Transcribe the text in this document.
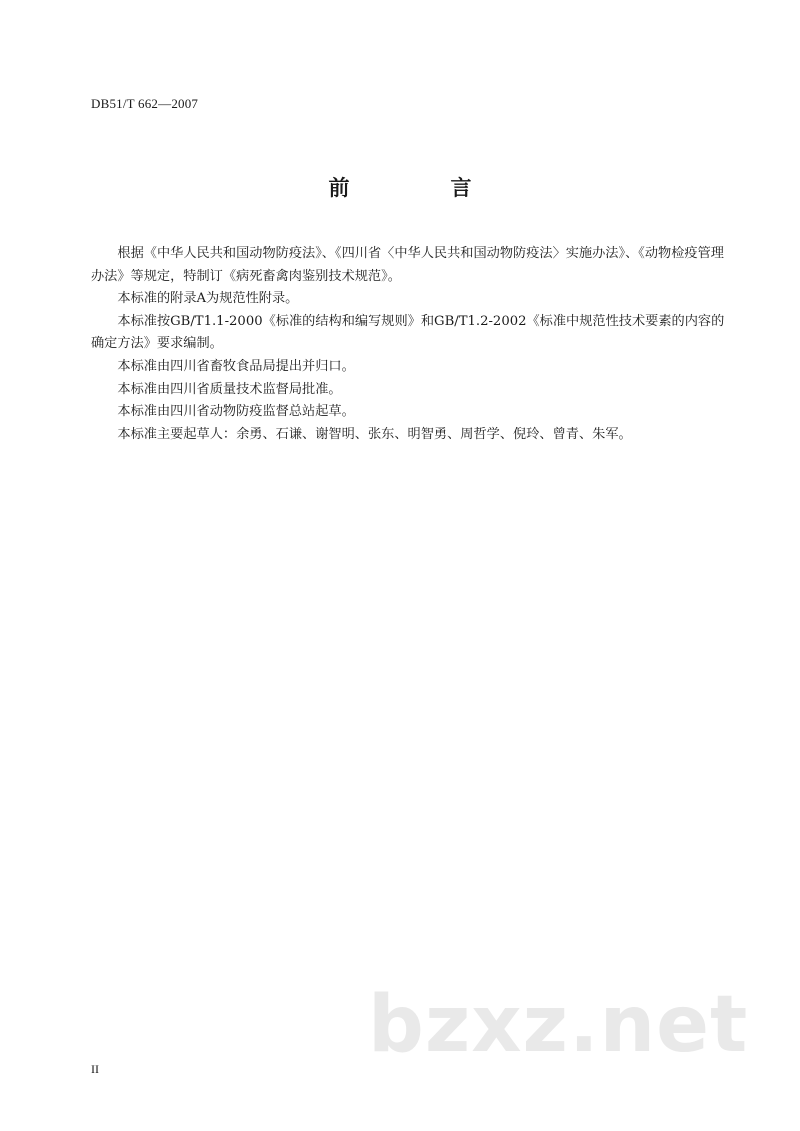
DB51/T 662—2007
前　言

根据《中华人民共和国动物防疫法》、《四川省〈中华人民共和国动物防疫法〉实施办法》、《动物检疫管理办法》等规定，特制订《病死畜禽肉鉴别技术规范》。

本标准的附录A为规范性附录。

本标准按GB/T1.1-2000《标准的结构和编写规则》和GB/T1.2-2002《标准中规范性技术要素的内容的确定方法》要求编制。

本标准由四川省畜牧食品局提出并归口。

本标准由四川省质量技术监督局批准。

本标准由四川省动物防疫监督总站起草。

本标准主要起草人：余勇、石谦、谢智明、张东、明智勇、周哲学、倪玲、曾青、朱军。

bzxz.net
II
